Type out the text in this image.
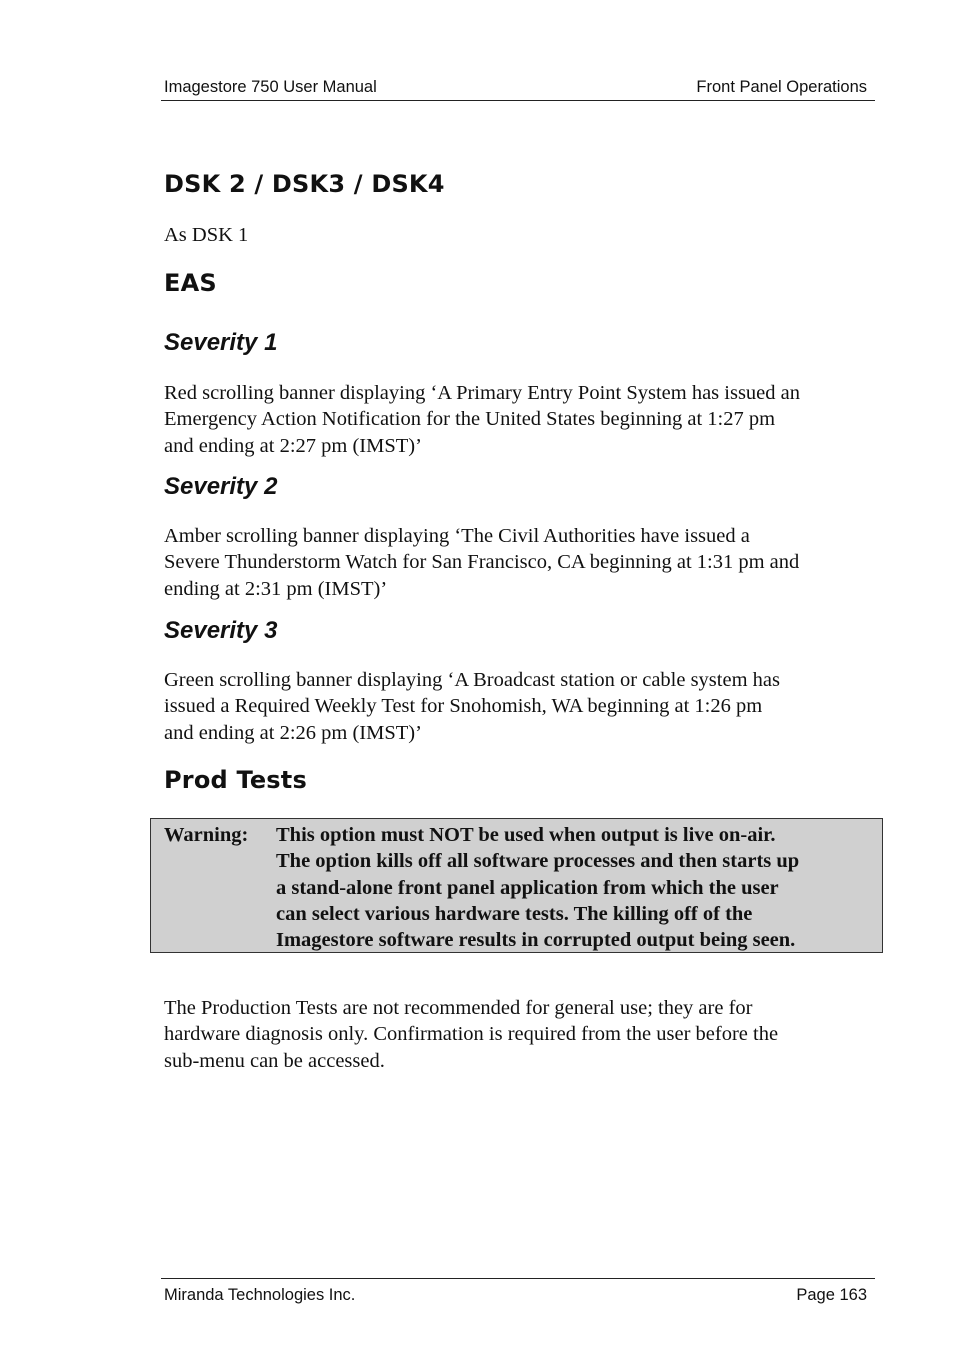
Imagestore 750 User Manual	Front Panel Operations
DSK 2 / DSK3 / DSK4

As DSK 1

EAS
Severity 1

Red scrolling banner displaying ‘A Primary Entry Point System has issued an
Emergency Action Notification for the United States beginning at 1:27 pm
and ending at 2:27 pm (IMST)’

Severity 2

Amber scrolling banner displaying ‘The Civil Authorities have issued a
Severe Thunderstorm Watch for San Francisco, CA beginning at 1:31 pm and
ending at 2:31 pm (IMST)’

Severity 3

Green scrolling banner displaying ‘A Broadcast station or cable system has
issued a Required Weekly Test for Snohomish, WA beginning at 1:26 pm
and ending at 2:26 pm (IMST)’

Prod Tests
Warning: This option must NOT be used when output is live on-air.
The option kills off all software processes and then starts up
a stand-alone front panel application from which the user
can select various hardware tests. The killing off of the
Imagestore software results in corrupted output being seen.

The Production Tests are not recommended for general use; they are for
hardware diagnosis only. Confirmation is required from the user before the
sub-menu can be accessed.

Miranda Technologies Inc.	Page 163
